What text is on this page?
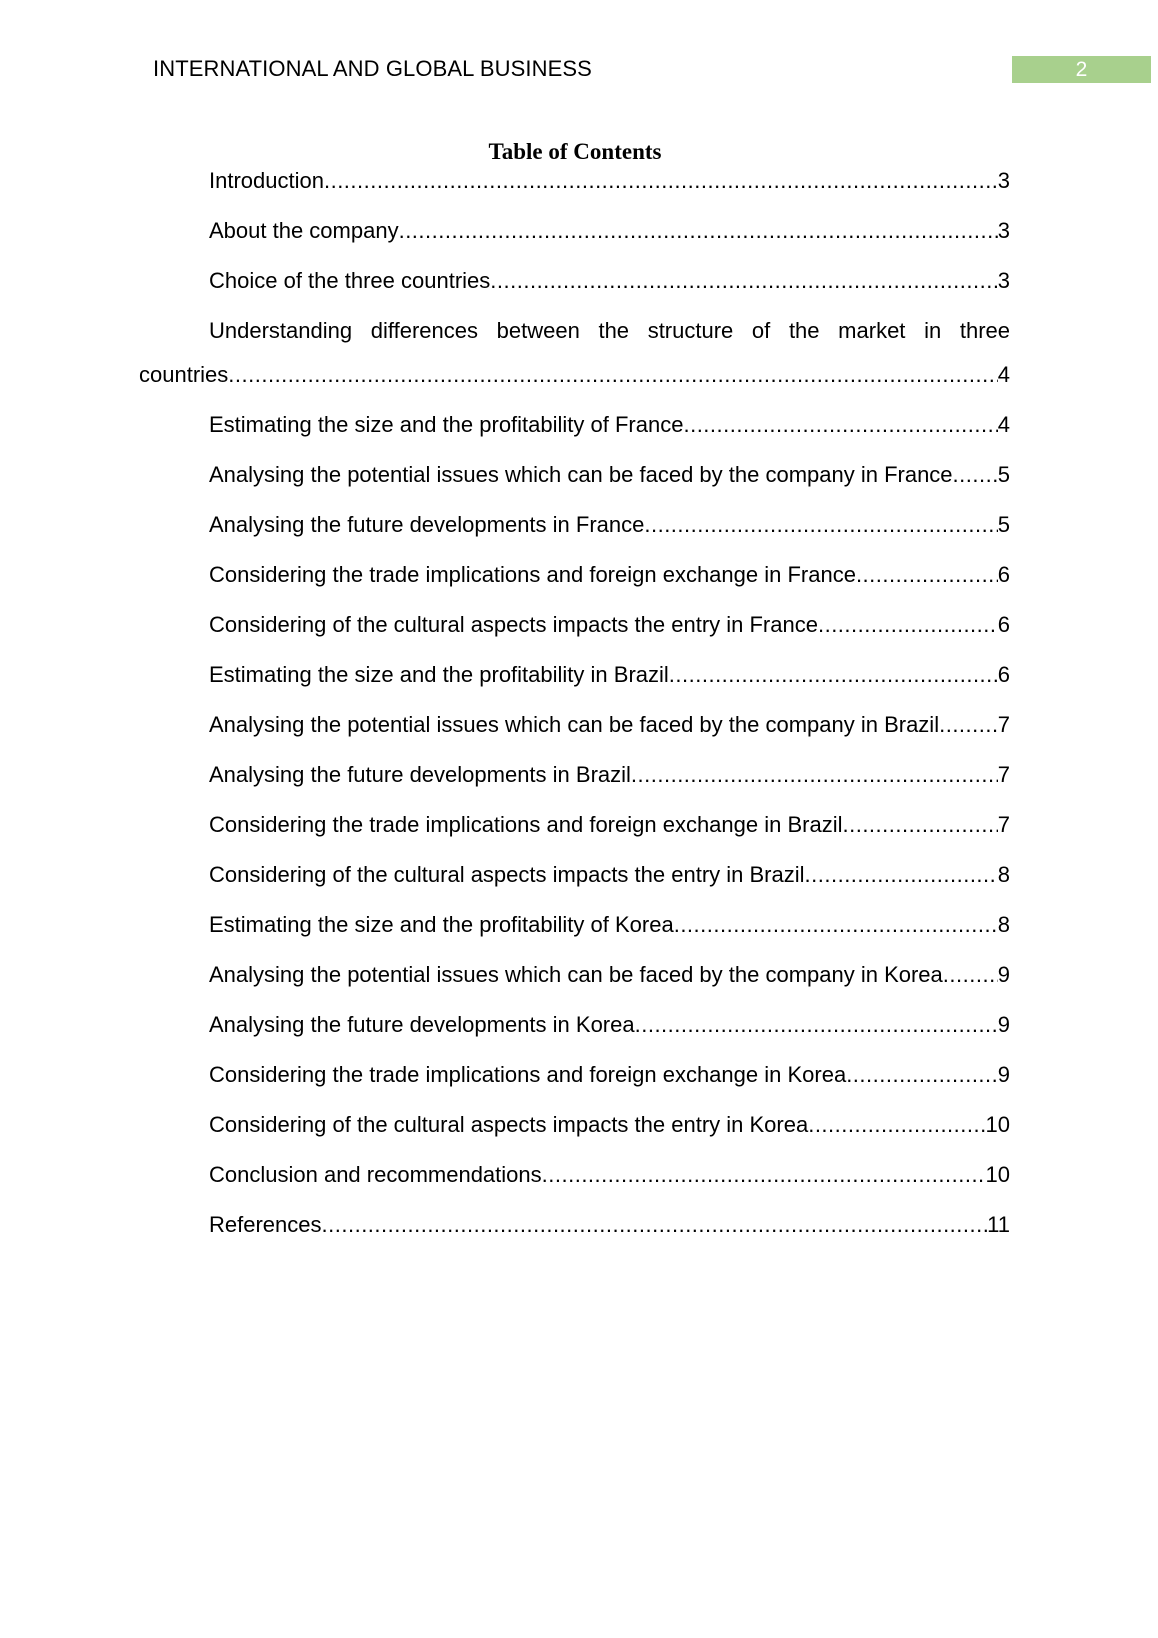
INTERNATIONAL AND GLOBAL BUSINESS	2
Table of Contents
Introduction .....	3
About the company .....	3
Choice of the three countries .....	3
Understanding differences between the structure of the market in three
countries .....	4
Estimating the size and the profitability of France .....	4
Analysing the potential issues which can be faced by the company in France ..... 5
Analysing the future developments in France .....	5
Considering the trade implications and foreign exchange in France .....	6
Considering of the cultural aspects impacts the entry in France .....	6
Estimating the size and the profitability in Brazil .....	6
Analysing the potential issues which can be faced by the company in Brazil .....	7
Analysing the future developments in Brazil .....	7
Considering the trade implications and foreign exchange in Brazil .....	7
Considering of the cultural aspects impacts the entry in Brazil .....	8
Estimating the size and the profitability of Korea .....	8
Analysing the potential issues which can be faced by the company in Korea ..... 9
Analysing the future developments in Korea .....	9
Considering the trade implications and foreign exchange in Korea .....	9
Considering of the cultural aspects impacts the entry in Korea .....	10
Conclusion and recommendations .....	10
References .....	11
